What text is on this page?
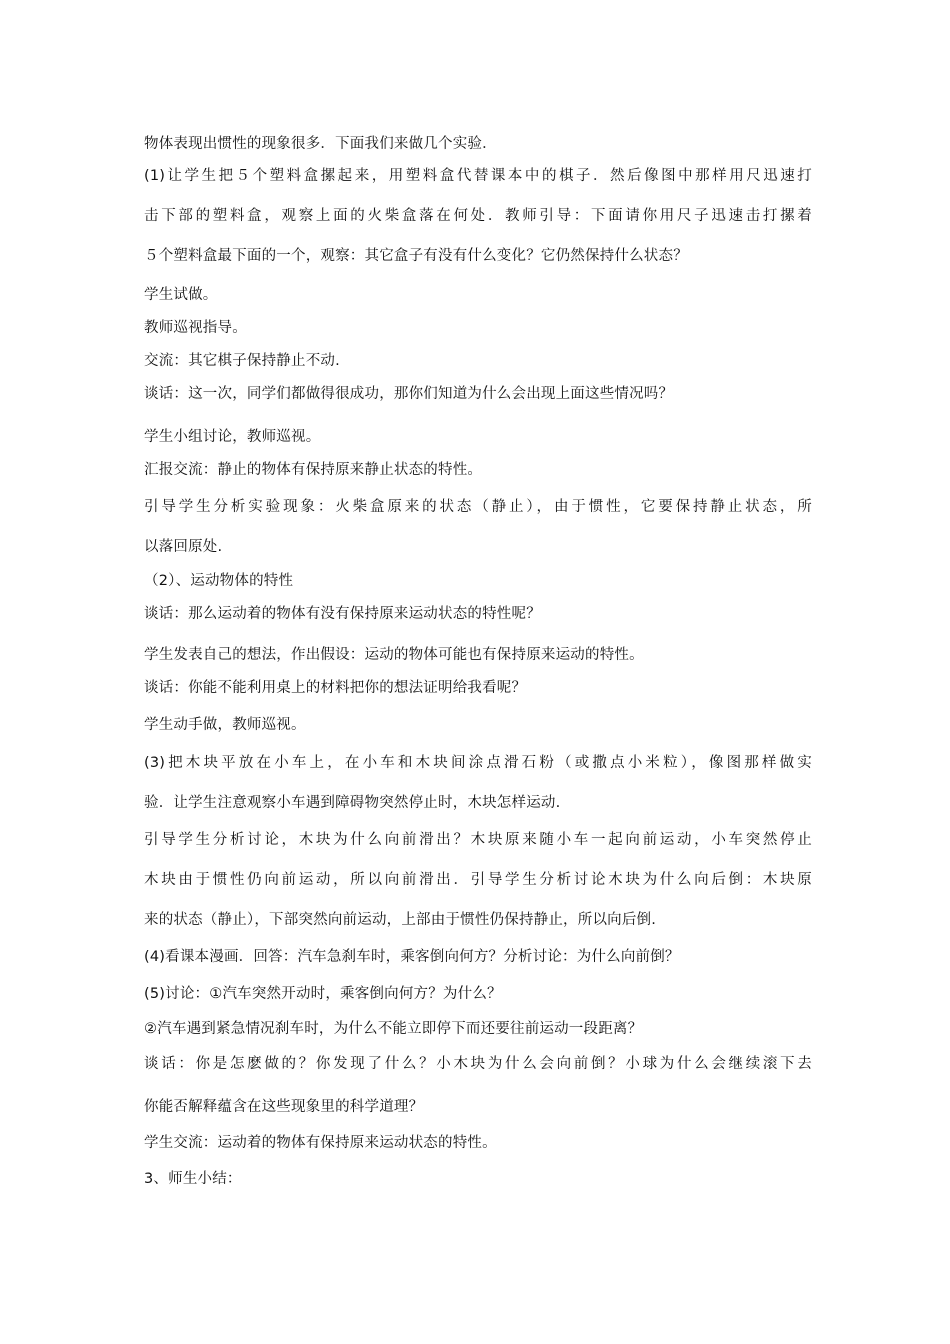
物体表现出惯性的现象很多．下面我们来做几个实验．
(1)让学生把５个塑料盒摞起来，用塑料盒代替课本中的棋子．然后像图中那样用尺迅速打
击下部的塑料盒，观察上面的火柴盒落在何处．教师引导：下面请你用尺子迅速击打摞着
５个塑料盒最下面的一个，观察：其它盒子有没有什么变化？它仍然保持什么状态？
学生试做。
教师巡视指导。
交流：其它棋子保持静止不动.
谈话：这一次，同学们都做得很成功，那你们知道为什么会出现上面这些情况吗？
学生小组讨论，教师巡视。
汇报交流：静止的物体有保持原来静止状态的特性。
引导学生分析实验现象：火柴盒原来的状态（静止），由于惯性，它要保持静止状态，所
以落回原处.
（2）、运动物体的特性
谈话：那么运动着的物体有没有保持原来运动状态的特性呢？
学生发表自己的想法，作出假设：运动的物体可能也有保持原来运动的特性。
谈话：你能不能利用桌上的材料把你的想法证明给我看呢？
学生动手做，教师巡视。
(3)把木块平放在小车上，在小车和木块间涂点滑石粉（或撒点小米粒），像图那样做实
验．让学生注意观察小车遇到障碍物突然停止时，木块怎样运动.
引导学生分析讨论，木块为什么向前滑出？木块原来随小车一起向前运动，小车突然停止
木块由于惯性仍向前运动，所以向前滑出．引导学生分析讨论木块为什么向后倒：木块原
来的状态（静止），下部突然向前运动，上部由于惯性仍保持静止，所以向后倒.
(4)看课本漫画．回答：汽车急刹车时，乘客倒向何方？分析讨论：为什么向前倒？
(5)讨论：①汽车突然开动时，乘客倒向何方？为什么？
②汽车遇到紧急情况刹车时，为什么不能立即停下而还要往前运动一段距离？
谈话：你是怎麽做的？你发现了什么？小木块为什么会向前倒？小球为什么会继续滚下去
你能否解释蕴含在这些现象里的科学道理？
学生交流：运动着的物体有保持原来运动状态的特性。
3、师生小结：
